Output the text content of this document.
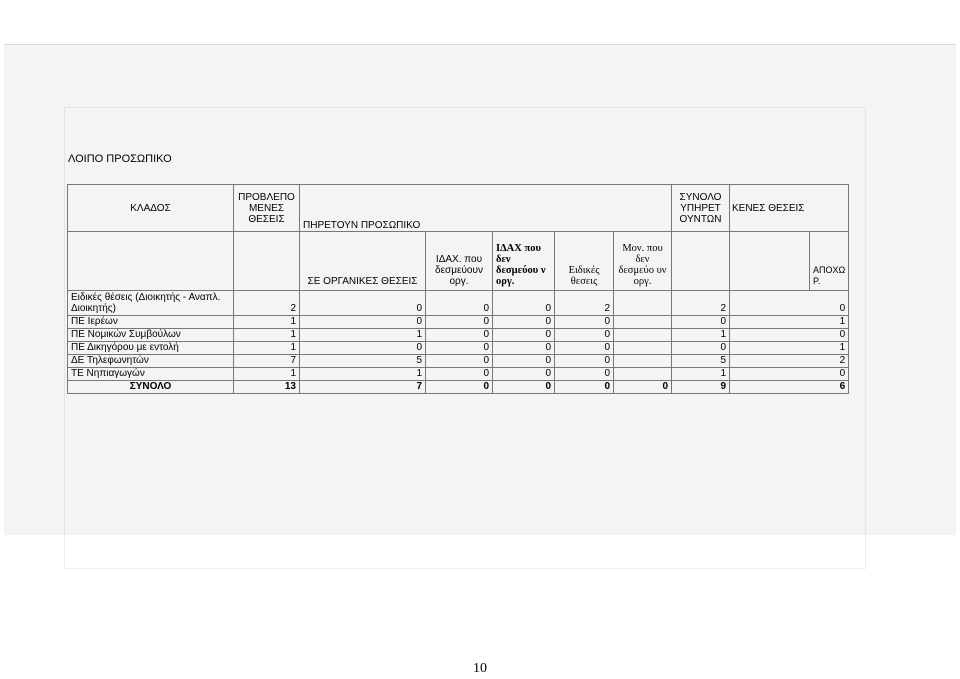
ΛΟΙΠΟ ΠΡΟΣΩΠΙΚΟ
ΚΛΑΔΟΣ	ΠΡΟΒΛΕΠΟ ΜΕΝΕΣ ΘΕΣΕΙΣ	ΠΗΡΕΤΟΥΝ ΠΡΟΣΩΠΙΚΟ					ΣΥΝΟΛΟ ΥΠΗΡΕΤ ΟΥΝΤΩΝ	ΚΕΝΕΣ ΘΕΣΕΙΣ	
		ΣΕ ΟΡΓΑΝΙΚΕΣ ΘΕΣΕΙΣ	ΙΔΑΧ. που δεσμεύουν οργ.	ΙΔΑΧ που δεν δεσμεύου ν οργ.	Ειδικές θεσεις	Μον. που δεν δεσμεύο υν οργ.			ΑΠΟΧΩ Ρ.
Ειδικές θέσεις (Διοικητής - Αναπλ. Διοικητής)	2	0	0	0	2		2	0	
ΠΕ Ιερέων	1	0	0	0	0		0	1	
ΠΕ Νομικών Συμβούλων	1	1	0	0	0		1	0	
ΠΕ Δικηγόρου με εντολή	1	0	0	0	0		0	1	
ΔΕ Τηλεφωνητών	7	5	0	0	0		5	2	
ΤΕ Νηπιαγωγών	1	1	0	0	0		1	0	
ΣΥΝΟΛΟ	13	7	0	0	0	0	9	6	
10
